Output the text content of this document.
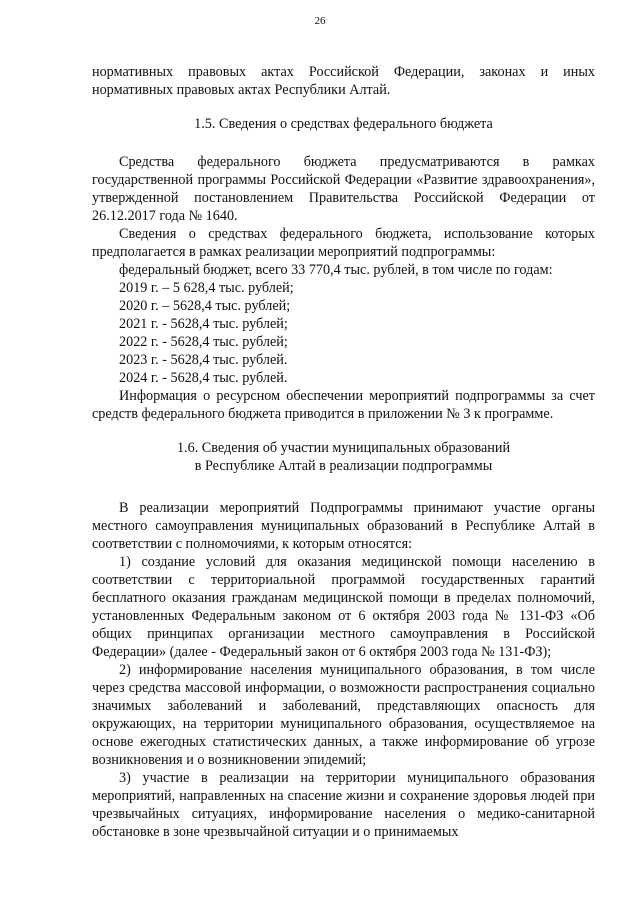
26

нормативных правовых актах Российской Федерации, законах и иных нормативных правовых актах Республики Алтай.

1.5. Сведения о средствах федерального бюджета

Средства федерального бюджета предусматриваются в рамках государственной программы Российской Федерации «Развитие здравоохранения», утвержденной постановлением Правительства Российской Федерации от 26.12.2017 года № 1640.

Сведения о средствах федерального бюджета, использование которых предполагается в рамках реализации мероприятий подпрограммы:

федеральный бюджет, всего 33 770,4 тыс. рублей, в том числе по годам:

2019 г. – 5 628,4 тыс. рублей;

2020 г. – 5628,4 тыс. рублей;

2021 г. - 5628,4 тыс. рублей;

2022 г. - 5628,4 тыс. рублей;

2023 г. - 5628,4 тыс. рублей.

2024 г. - 5628,4 тыс. рублей.

Информация о ресурсном обеспечении мероприятий подпрограммы за счет средств федерального бюджета приводится в приложении № 3 к программе.

1.6. Сведения об участии муниципальных образований

в Республике Алтай в реализации подпрограммы

В реализации мероприятий Подпрограммы принимают участие органы местного самоуправления муниципальных образований в Республике Алтай в соответствии с полномочиями, к которым относятся:

1) создание условий для оказания медицинской помощи населению в соответствии с территориальной программой государственных гарантий бесплатного оказания гражданам медицинской помощи в пределах полномочий, установленных Федеральным законом от 6 октября 2003 года № 131-ФЗ «Об общих принципах организации местного самоуправления в Российской Федерации» (далее - Федеральный закон от 6 октября 2003 года № 131-ФЗ);

2) информирование населения муниципального образования, в том числе через средства массовой информации, о возможности распространения социально значимых заболеваний и заболеваний, представляющих опасность для окружающих, на территории муниципального образования, осуществляемое на основе ежегодных статистических данных, а также информирование об угрозе возникновения и о возникновении эпидемий;

3) участие в реализации на территории муниципального образования мероприятий, направленных на спасение жизни и сохранение здоровья людей при чрезвычайных ситуациях, информирование населения о медико-санитарной обстановке в зоне чрезвычайной ситуации и о принимаемых
